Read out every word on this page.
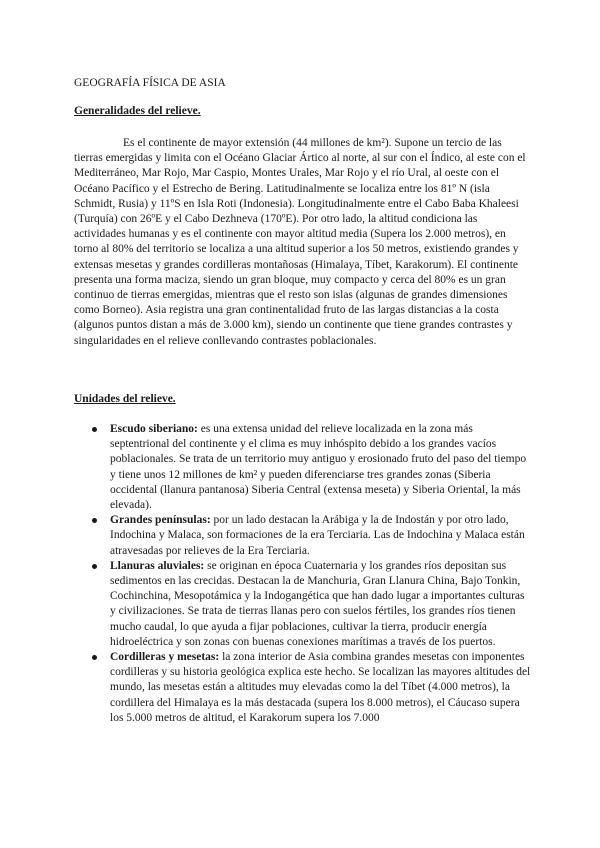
GEOGRAFÍA FÍSICA DE ASIA
Generalidades del relieve.

Es el continente de mayor extensión (44 millones de km²). Supone un tercio de las tierras emergidas y limita con el Océano Glaciar Ártico al norte, al sur con el Índico, al este con el Mediterráneo, Mar Rojo, Mar Caspio, Montes Urales, Mar Rojo y el río Ural, al oeste con el Océano Pacífico y el Estrecho de Bering. Latitudinalmente se localiza entre los 81º N (isla Schmidt, Rusia) y 11ºS en Isla Roti (Indonesia). Longitudinalmente entre el Cabo Baba Khaleesi (Turquía) con 26ºE y el Cabo Dezhneva (170ºE). Por otro lado, la altitud condiciona las actividades humanas y es el continente con mayor altitud media (Supera los 2.000 metros), en torno al 80% del territorio se localiza a una altitud superior a los 50 metros, existiendo grandes y extensas mesetas y grandes cordilleras montañosas (Himalaya, Tíbet, Karakorum). El continente presenta una forma maciza, siendo un gran bloque, muy compacto y cerca del 80% es un gran continuo de tierras emergidas, mientras que el resto son islas (algunas de grandes dimensiones como Borneo). Asia registra una gran continentalidad fruto de las largas distancias a la costa (algunos puntos distan a más de 3.000 km), siendo un continente que tiene grandes contrastes y singularidades en el relieve conllevando contrastes poblacionales.

Unidades del relieve.
Escudo siberiano: es una extensa unidad del relieve localizada en la zona más septentrional del continente y el clima es muy inhóspito debido a los grandes vacíos poblacionales. Se trata de un territorio muy antiguo y erosionado fruto del paso del tiempo y tiene unos 12 millones de km² y pueden diferenciarse tres grandes zonas (Siberia occidental (llanura pantanosa) Siberia Central (extensa meseta) y Siberia Oriental, la más elevada).
Grandes penínsulas: por un lado destacan la Arábiga y la de Indostán y por otro lado, Indochina y Malaca, son formaciones de la era Terciaria. Las de Indochina y Malaca están atravesadas por relieves de la Era Terciaria.
Llanuras aluviales: se originan en época Cuaternaria y los grandes ríos depositan sus sedimentos en las crecidas. Destacan la de Manchuria, Gran Llanura China, Bajo Tonkin, Cochinchina, Mesopotámica y la Indogangética que han dado lugar a importantes culturas y civilizaciones. Se trata de tierras llanas pero con suelos fértiles, los grandes ríos tienen mucho caudal, lo que ayuda a fijar poblaciones, cultivar la tierra, producir energía hidroeléctrica y son zonas con buenas conexiones marítimas a través de los puertos.
Cordilleras y mesetas: la zona interior de Asia combina grandes mesetas con imponentes cordilleras y su historia geológica explica este hecho. Se localizan las mayores altitudes del mundo, las mesetas están a altitudes muy elevadas como la del Tíbet (4.000 metros), la cordillera del Himalaya es la más destacada (supera los 8.000 metros), el Cáucaso supera los 5.000 metros de altitud, el Karakorum supera los 7.000
